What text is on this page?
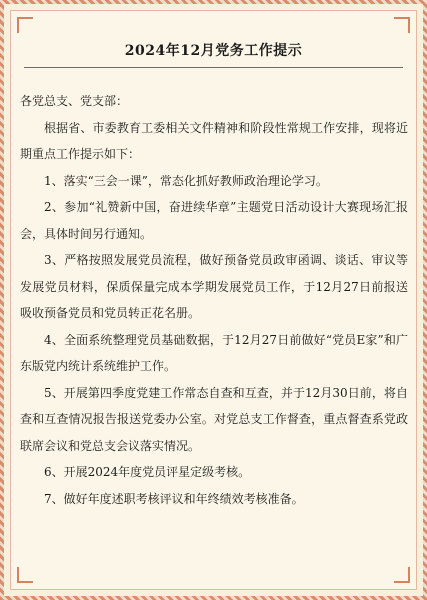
2024年12月党务工作提示

各党总支、党支部：

根据省、市委教育工委相关文件精神和阶段性常规工作安排，现将近期重点工作提示如下：

1、落实“三会一课”，常态化抓好教师政治理论学习。

2、参加“礼赞新中国，奋进续华章”主题党日活动设计大赛现场汇报会，具体时间另行通知。

3、严格按照发展党员流程，做好预备党员政审函调、谈话、审议等发展党员材料，保质保量完成本学期发展党员工作，于12月27日前报送吸收预备党员和党员转正花名册。

4、全面系统整理党员基础数据，于12月27日前做好“党员E家”和广东版党内统计系统维护工作。

5、开展第四季度党建工作常态自查和互查，并于12月30日前，将自查和互查情况报告报送党委办公室。对党总支工作督查，重点督查系党政联席会议和党总支会议落实情况。

6、开展2024年度党员评星定级考核。

7、做好年度述职考核评议和年终绩效考核准备。
